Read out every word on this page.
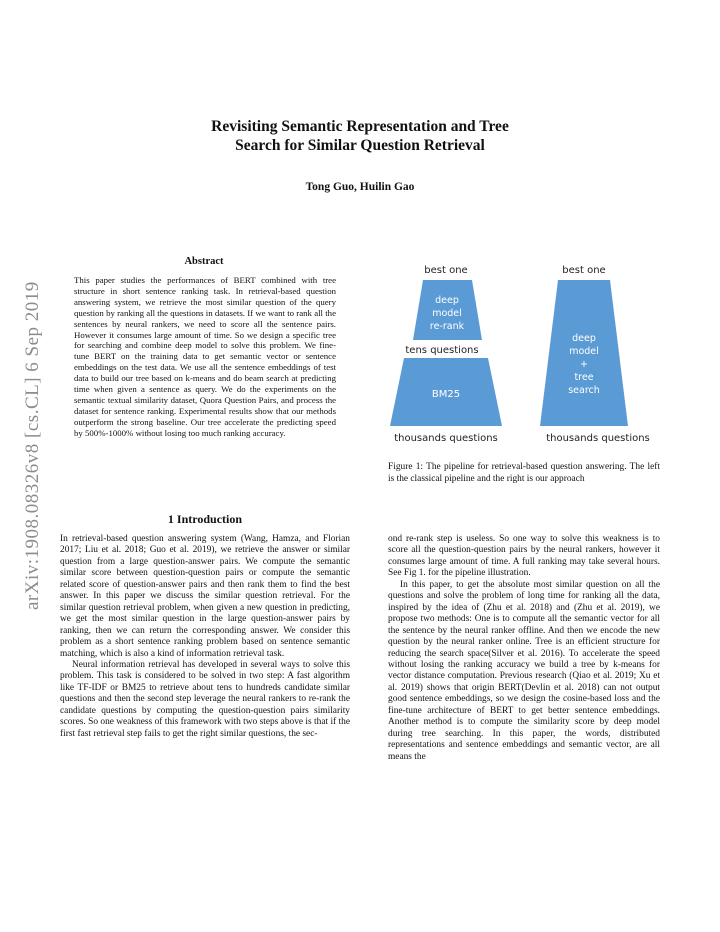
arXiv:1908.08326v8 [cs.CL] 6 Sep 2019
Revisiting Semantic Representation and Tree
Search for Similar Question Retrieval
Tong Guo, Huilin Gao
Abstract
This paper studies the performances of BERT combined with tree structure in short sentence ranking task. In retrieval-based question answering system, we retrieve the most similar question of the query question by ranking all the questions in datasets. If we want to rank all the sentences by neural rankers, we need to score all the sentence pairs. However it consumes large amount of time. So we design a specific tree for searching and combine deep model to solve this problem. We fine-tune BERT on the training data to get semantic vector or sentence embeddings on the test data. We use all the sentence embeddings of test data to build our tree based on k-means and do beam search at predicting time when given a sentence as query. We do the experiments on the semantic textual similarity dataset, Quora Question Pairs, and process the dataset for sentence ranking. Experimental results show that our methods outperform the strong baseline. Our tree accelerate the predicting speed by 500%-1000% without losing too much ranking accuracy.
1 Introduction

In retrieval-based question answering system (Wang, Hamza, and Florian 2017; Liu et al. 2018; Guo et al. 2019), we retrieve the answer or similar question from a large question-answer pairs. We compute the semantic similar score between question-question pairs or compute the semantic related score of question-answer pairs and then rank them to find the best answer. In this paper we discuss the similar question retrieval. For the similar question retrieval problem, when given a new question in predicting, we get the most similar question in the large question-answer pairs by ranking, then we can return the corresponding answer. We consider this problem as a short sentence ranking problem based on sentence semantic matching, which is also a kind of information retrieval task.

Neural information retrieval has developed in several ways to solve this problem. This task is considered to be solved in two step: A fast algorithm like TF-IDF or BM25 to retrieve about tens to hundreds candidate similar questions and then the second step leverage the neural rankers to re-rank the candidate questions by computing the question-question pairs similarity scores. So one weakness of this framework with two steps above is that if the first fast retrieval step fails to get the right similar questions, the sec-

ond re-rank step is useless. So one way to solve this weakness is to score all the question-question pairs by the neural rankers, however it consumes large amount of time. A full ranking may take several hours. See Fig 1. for the pipeline illustration.

In this paper, to get the absolute most similar question on all the questions and solve the problem of long time for ranking all the data, inspired by the idea of (Zhu et al. 2018) and (Zhu et al. 2019), we propose two methods: One is to compute all the semantic vector for all the sentence by the neural ranker offline. And then we encode the new question by the neural ranker online. Tree is an efficient structure for reducing the search space(Silver et al. 2016). To accelerate the speed without losing the ranking accuracy we build a tree by k-means for vector distance computation. Previous research (Qiao et al. 2019; Xu et al. 2019) shows that origin BERT(Devlin et al. 2018) can not output good sentence embeddings, so we design the cosine-based loss and the fine-tune architecture of BERT to get better sentence embeddings. Another method is to compute the similarity score by deep model during tree searching. In this paper, the words, distributed representations and sentence embeddings and semantic vector, are all means the

best one
deep
model
re-rank
tens questions
BM25
thousands questions
best one
deep
model
+
tree
search
thousands questions
Figure 1: The pipeline for retrieval-based question answering. The left is the classical pipeline and the right is our approach
